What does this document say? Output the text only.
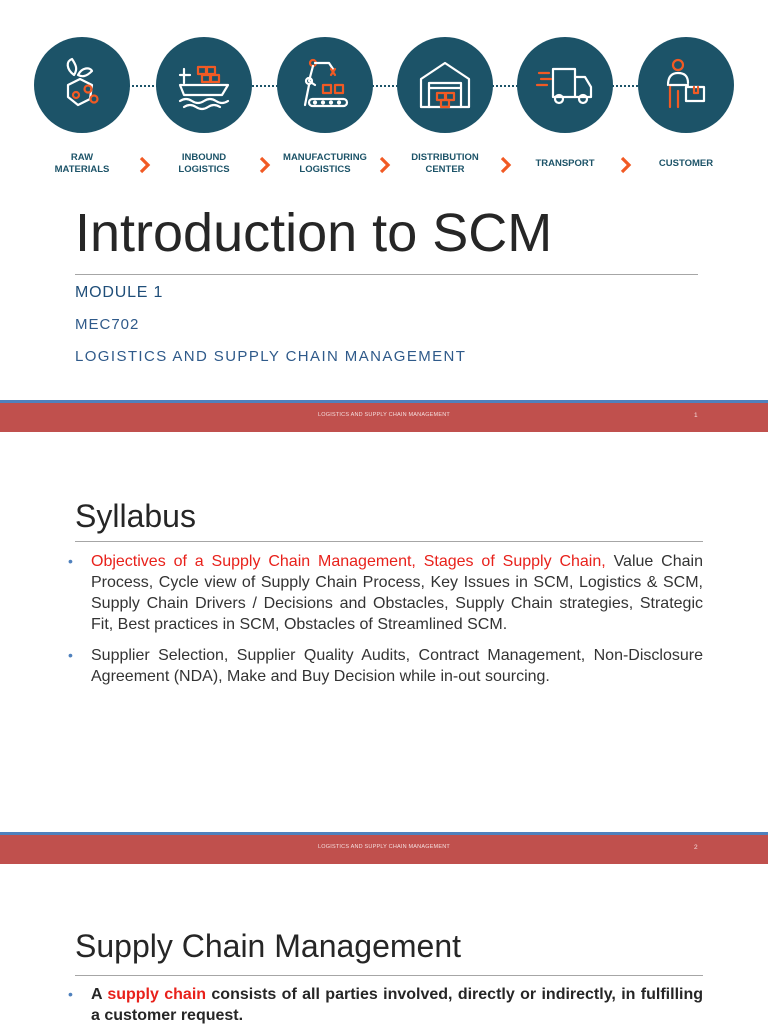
RAW
MATERIALS
INBOUND
LOGISTICS
MANUFACTURING
LOGISTICS
DISTRIBUTION
CENTER
TRANSPORT	CUSTOMER
Introduction to SCM
MODULE 1
MEC702
LOGISTICS AND SUPPLY CHAIN MANAGEMENT
LOGISTICS AND SUPPLY CHAIN MANAGEMENT	1
Syllabus
• Objectives of a Supply Chain Management, Stages of Supply Chain, Value Chain Process, Cycle view of Supply Chain Process, Key Issues in SCM, Logistics & SCM, Supply Chain Drivers / Decisions and Obstacles, Supply Chain strategies, Strategic Fit, Best practices in SCM, Obstacles of Streamlined SCM.
• Supplier Selection, Supplier Quality Audits, Contract Management, Non-Disclosure Agreement (NDA), Make and Buy Decision while in-out sourcing.
LOGISTICS AND SUPPLY CHAIN MANAGEMENT	2
Supply Chain Management
• A supply chain consists of all parties involved, directly or indirectly, in fulfilling a customer request.
